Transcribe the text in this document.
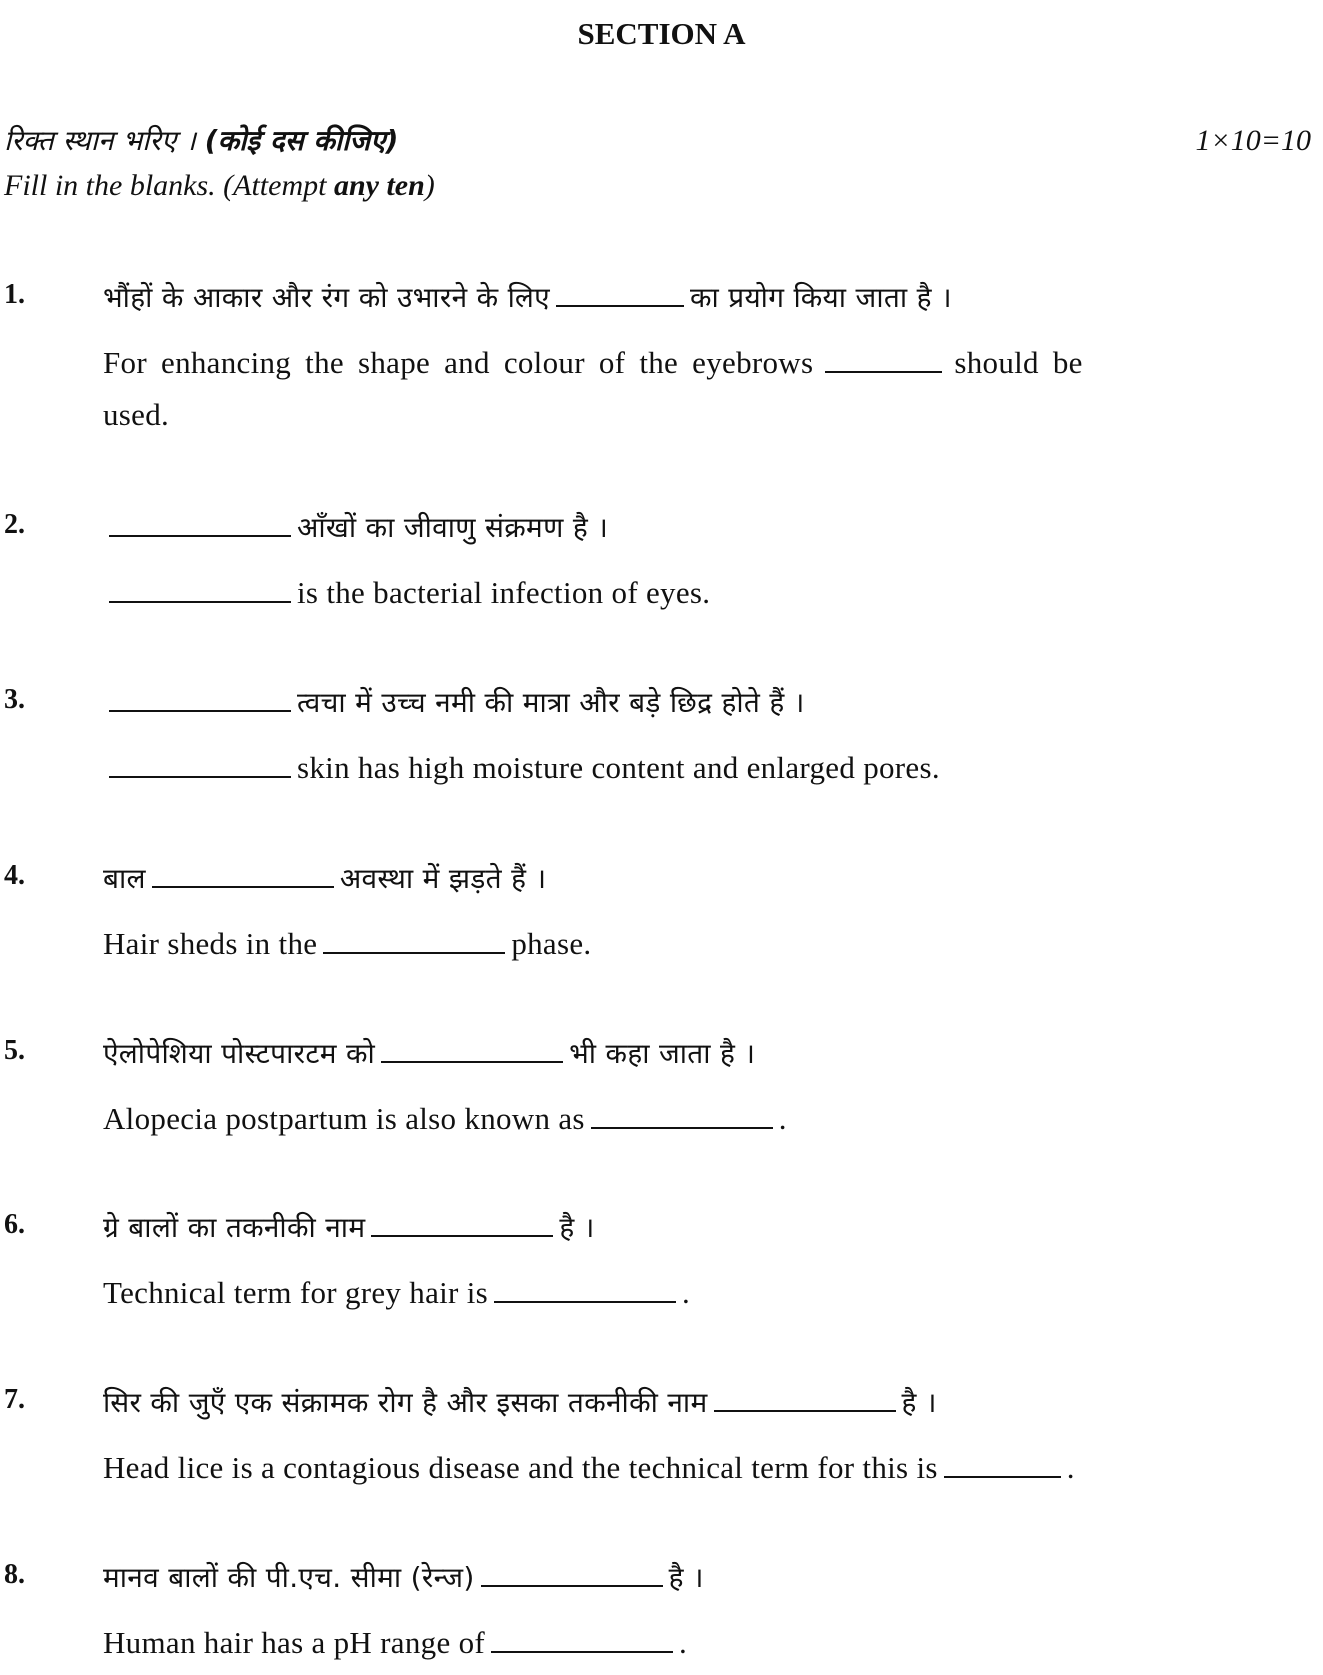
SECTION A
रिक्त स्थान भरिए । (कोई दस कीजिए)	1×10=10
Fill in the blanks. (Attempt any ten)
1.	भौंहों के आकार और रंग को उभारने के लिए	का प्रयोग किया जाता है ।
For enhancing the shape and colour of the eyebrows	should be
used.
2.	आँखों का जीवाणु संक्रमण है ।
is the bacterial infection of eyes.
3.	त्वचा में उच्च नमी की मात्रा और बड़े छिद्र होते हैं ।
skin has high moisture content and enlarged pores.
4.	बाल	अवस्था में झड़ते हैं ।
Hair sheds in the	phase.
5.	ऐलोपेशिया पोस्टपारटम को	भी कहा जाता है ।
Alopecia postpartum is also known as	.
6.	ग्रे बालों का तकनीकी नाम	है ।
Technical term for grey hair is	.
7.	सिर की जुएँ एक संक्रामक रोग है और इसका तकनीकी नाम	है ।
Head lice is a contagious disease and the technical term for this is	.
8.	मानव बालों की पी.एच. सीमा (रेन्ज)	है ।
Human hair has a pH range of	.
